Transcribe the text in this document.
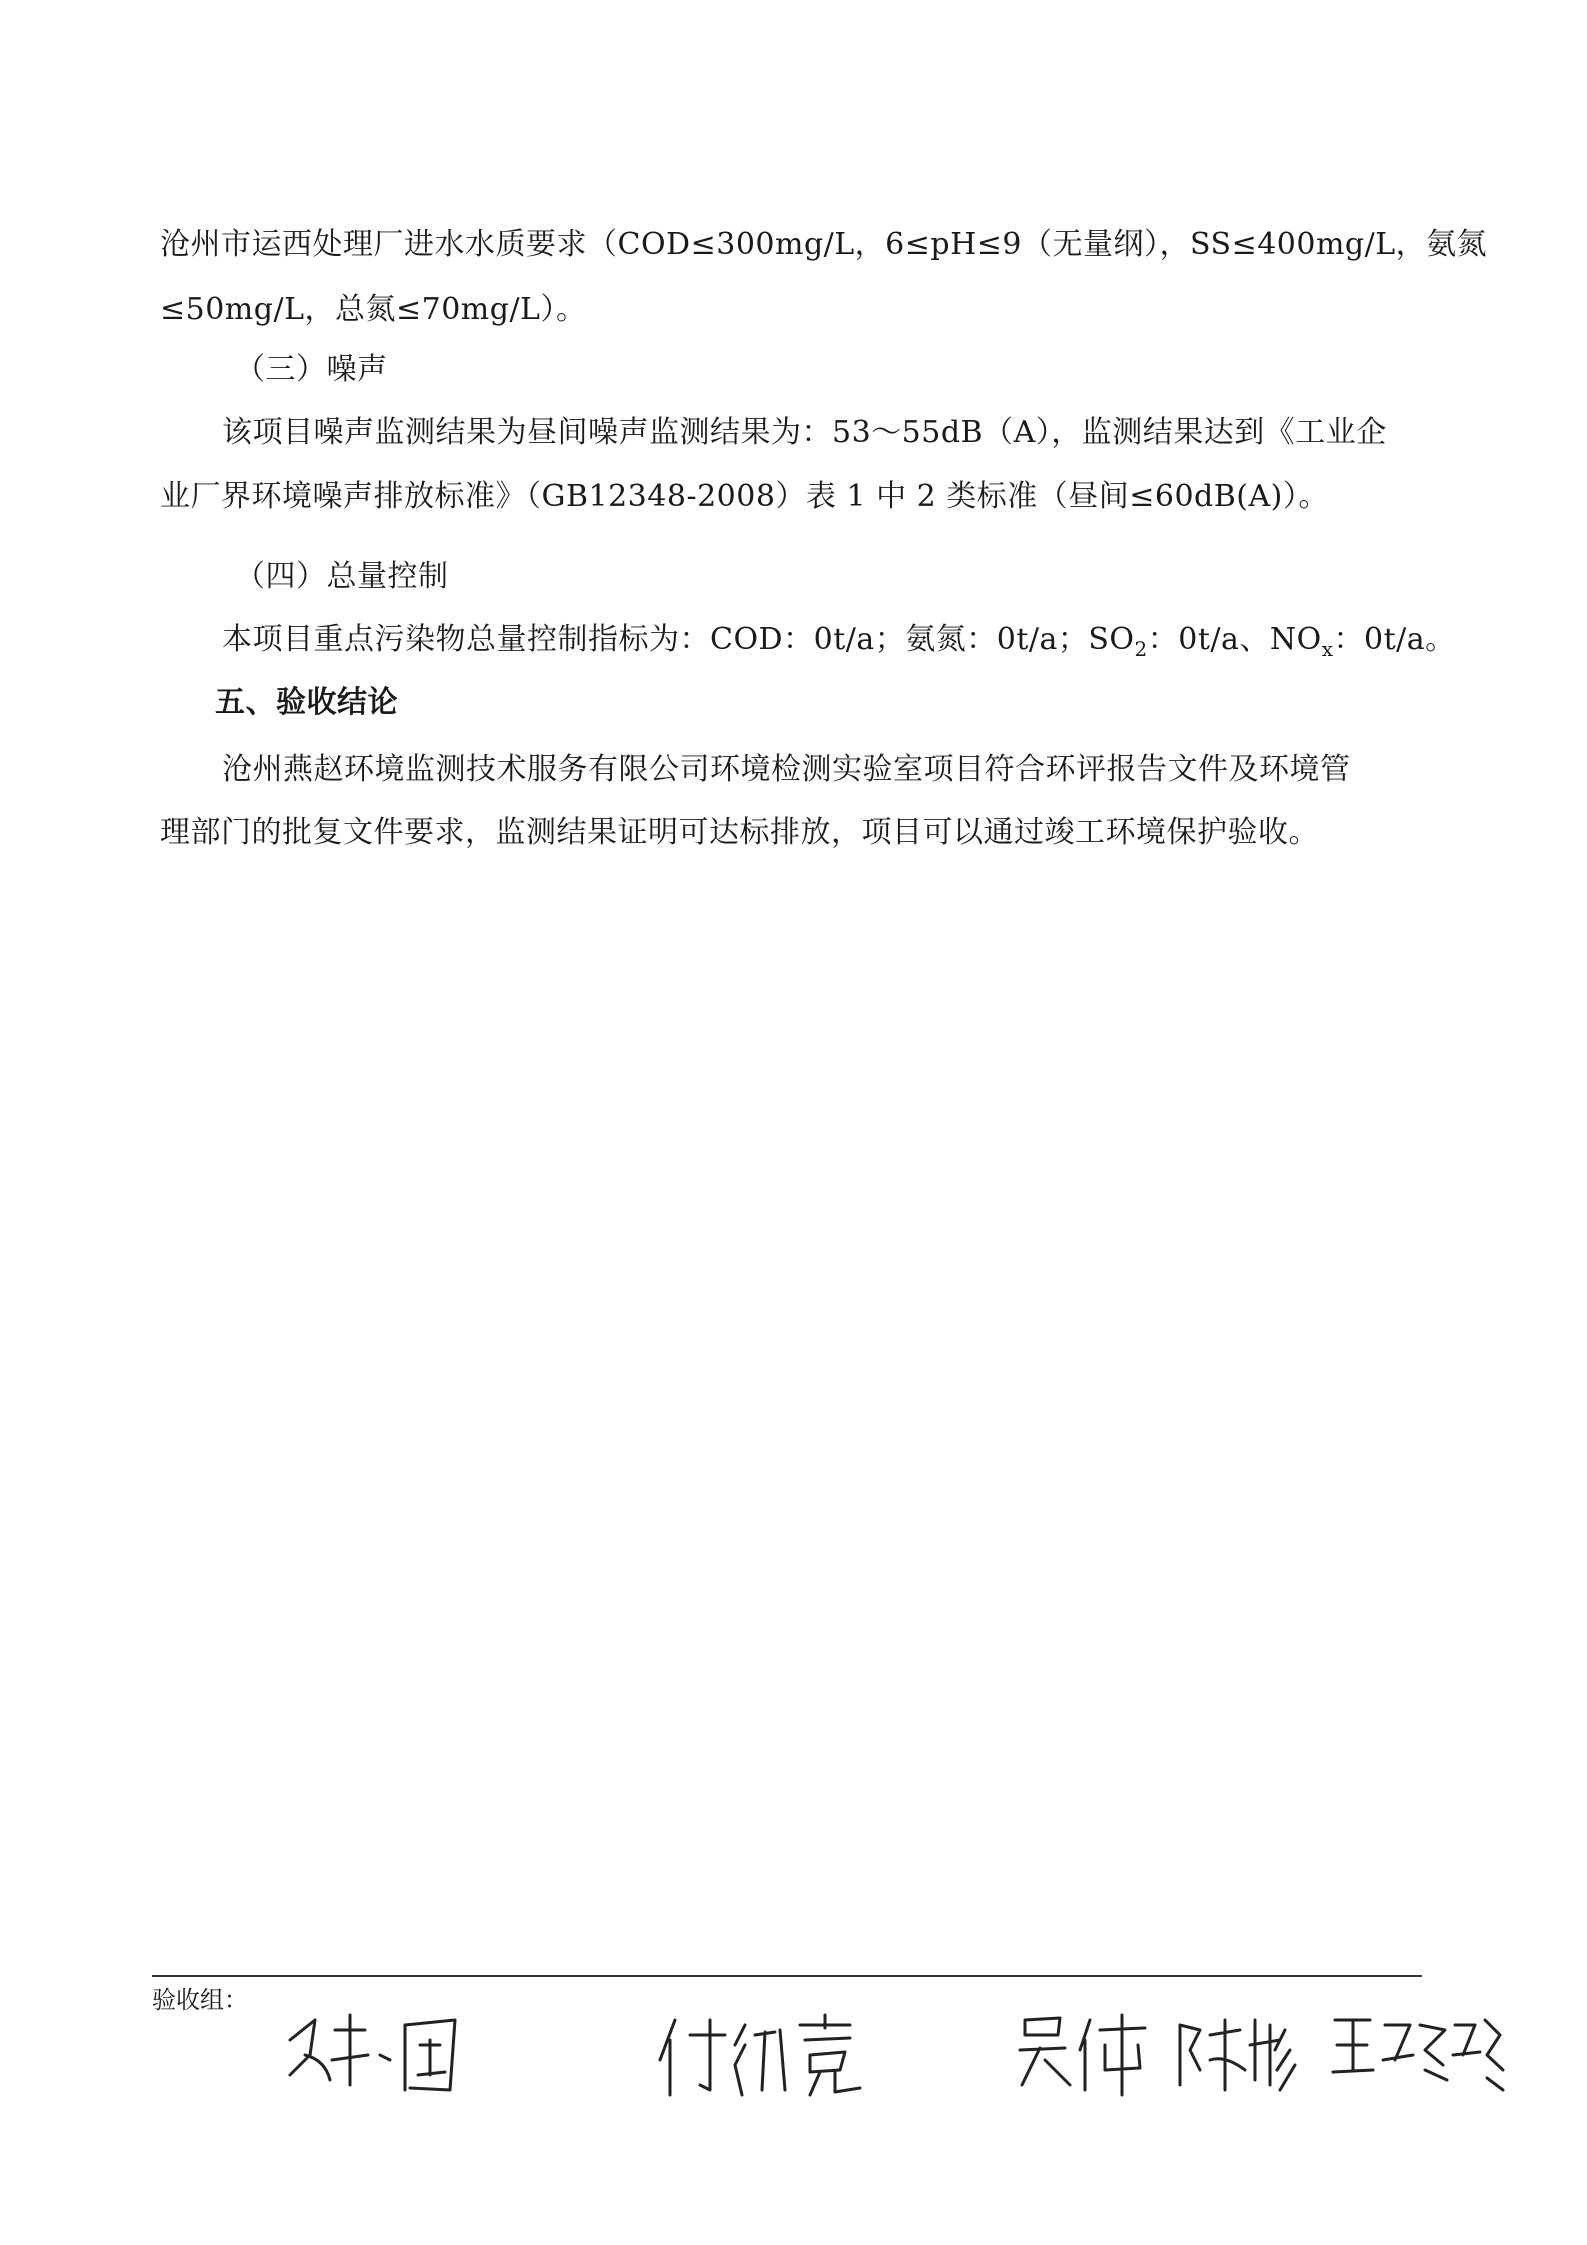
沧州市运西处理厂进水水质要求（COD≤300mg/L，6≤pH≤9（无量纲），SS≤400mg/L，氨氮
≤50mg/L，总氮≤70mg/L）。
（三）噪声
该项目噪声监测结果为昼间噪声监测结果为：53～55dB（A），监测结果达到《工业企
业厂界环境噪声排放标准》（GB12348-2008）表 1 中 2 类标准（昼间≤60dB(A)）。
（四）总量控制
本项目重点污染物总量控制指标为：COD：0t/a；氨氮：0t/a；$SO_2$：0t/a、$NO_x$：0t/a。
五、验收结论
沧州燕赵环境监测技术服务有限公司环境检测实验室项目符合环评报告文件及环境管
理部门的批复文件要求，监测结果证明可达标排放，项目可以通过竣工环境保护验收。
验收组：
